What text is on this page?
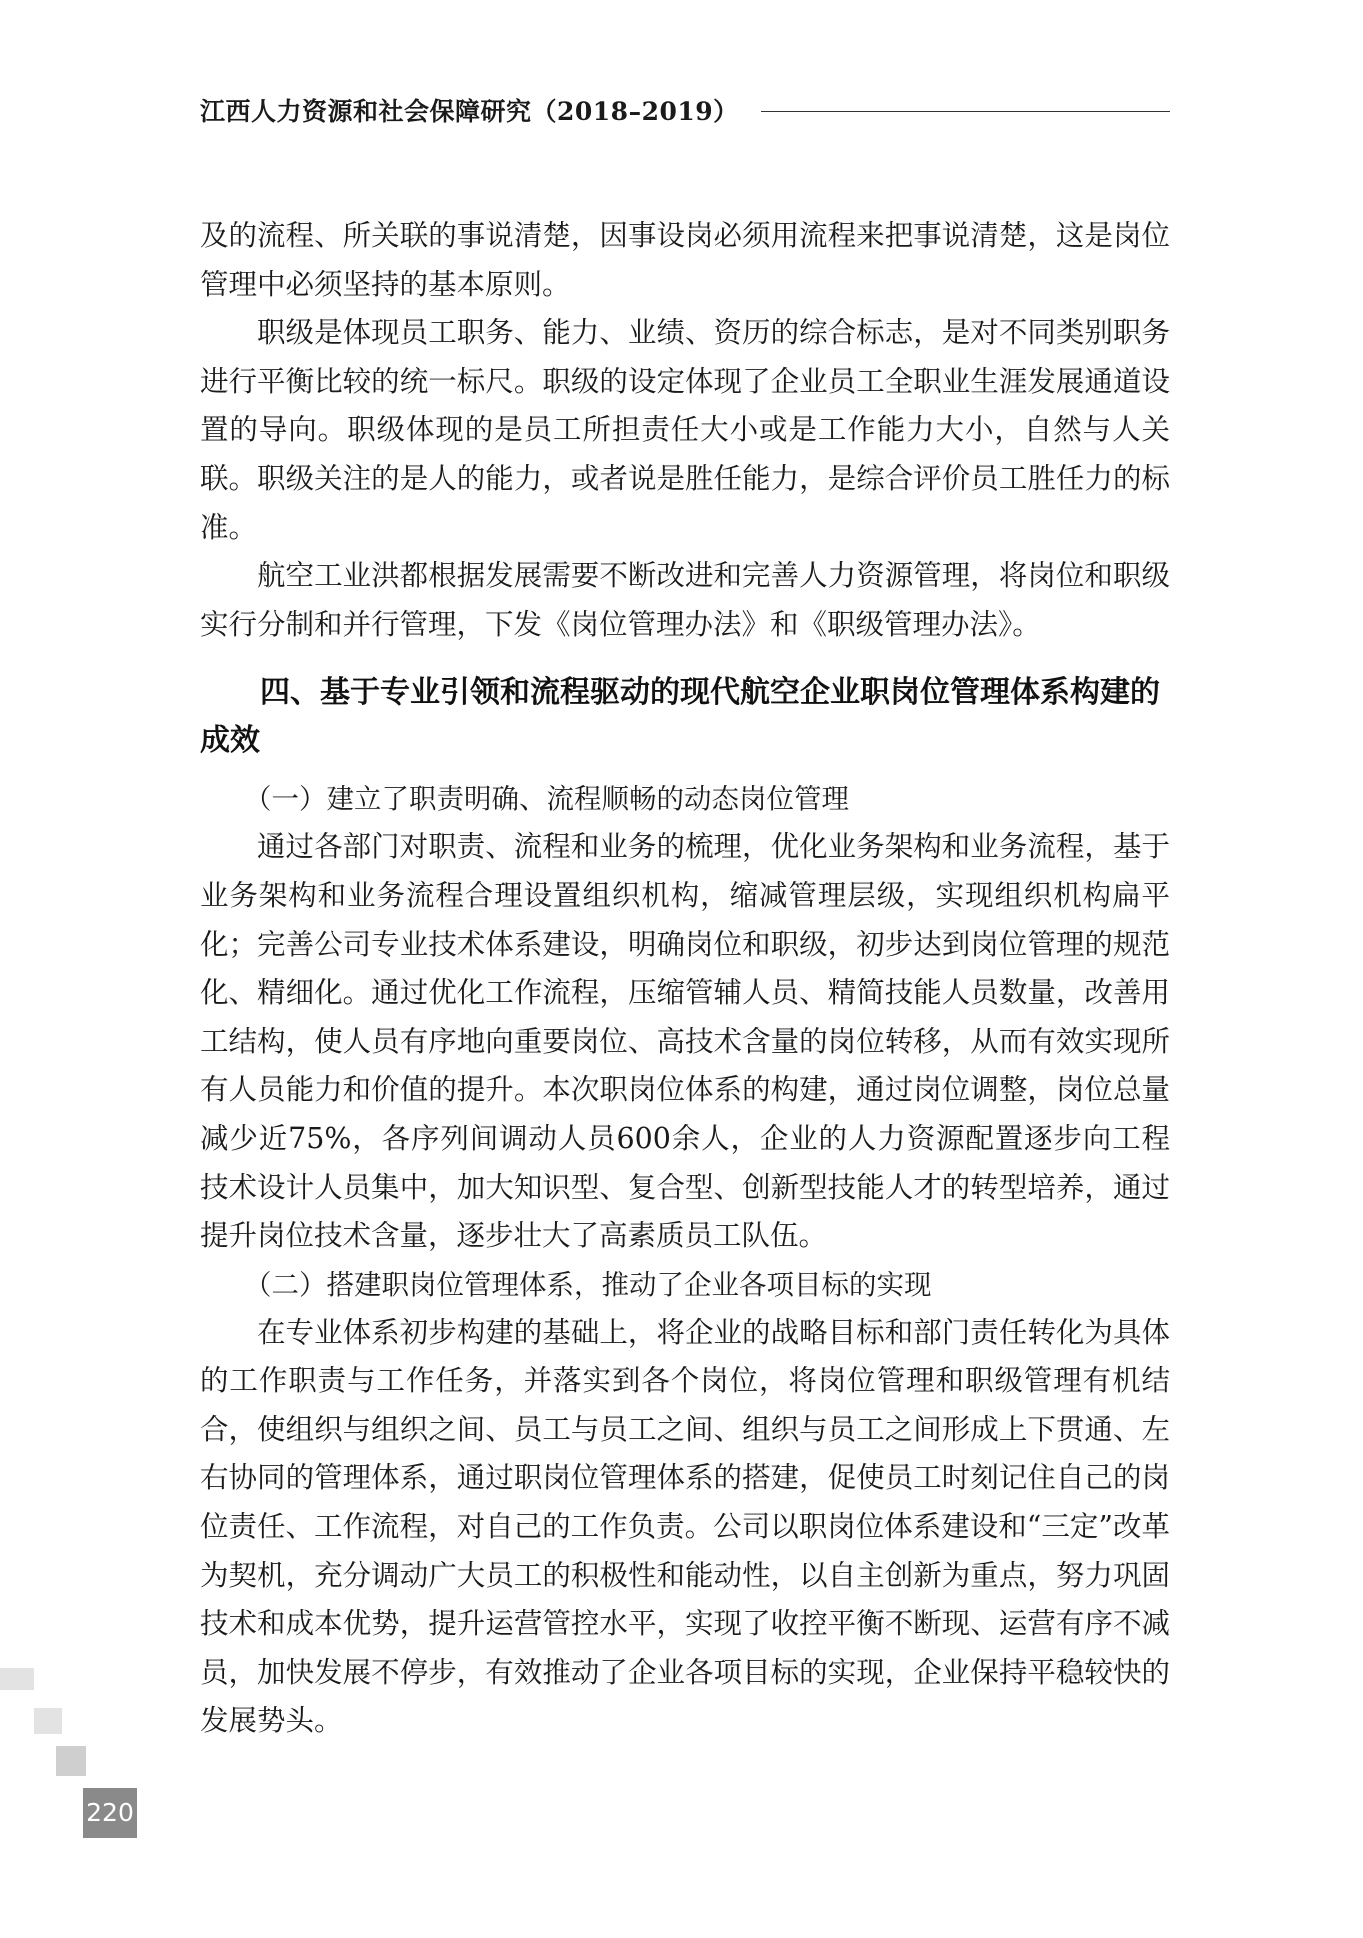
江西人力资源和社会保障研究（2018–2019）

及的流程、所关联的事说清楚，因事设岗必须用流程来把事说清楚，这是岗位管理中必须坚持的基本原则。

职级是体现员工职务、能力、业绩、资历的综合标志，是对不同类别职务进行平衡比较的统一标尺。职级的设定体现了企业员工全职业生涯发展通道设置的导向。职级体现的是员工所担责任大小或是工作能力大小，自然与人关联。职级关注的是人的能力，或者说是胜任能力，是综合评价员工胜任力的标准。

航空工业洪都根据发展需要不断改进和完善人力资源管理，将岗位和职级实行分制和并行管理，下发《岗位管理办法》和《职级管理办法》。

四、基于专业引领和流程驱动的现代航空企业职岗位管理体系构建的成效

（一）建立了职责明确、流程顺畅的动态岗位管理

通过各部门对职责、流程和业务的梳理，优化业务架构和业务流程，基于业务架构和业务流程合理设置组织机构，缩减管理层级，实现组织机构扁平化；完善公司专业技术体系建设，明确岗位和职级，初步达到岗位管理的规范化、精细化。通过优化工作流程，压缩管辅人员、精简技能人员数量，改善用工结构，使人员有序地向重要岗位、高技术含量的岗位转移，从而有效实现所有人员能力和价值的提升。本次职岗位体系的构建，通过岗位调整，岗位总量减少近75%，各序列间调动人员600余人，企业的人力资源配置逐步向工程技术设计人员集中，加大知识型、复合型、创新型技能人才的转型培养，通过提升岗位技术含量，逐步壮大了高素质员工队伍。

（二）搭建职岗位管理体系，推动了企业各项目标的实现

在专业体系初步构建的基础上，将企业的战略目标和部门责任转化为具体的工作职责与工作任务，并落实到各个岗位，将岗位管理和职级管理有机结合，使组织与组织之间、员工与员工之间、组织与员工之间形成上下贯通、左右协同的管理体系，通过职岗位管理体系的搭建，促使员工时刻记住自己的岗位责任、工作流程，对自己的工作负责。公司以职岗位体系建设和“三定”改革为契机，充分调动广大员工的积极性和能动性，以自主创新为重点，努力巩固技术和成本优势，提升运营管控水平，实现了收控平衡不断现、运营有序不减员，加快发展不停步，有效推动了企业各项目标的实现，企业保持平稳较快的发展势头。

220
